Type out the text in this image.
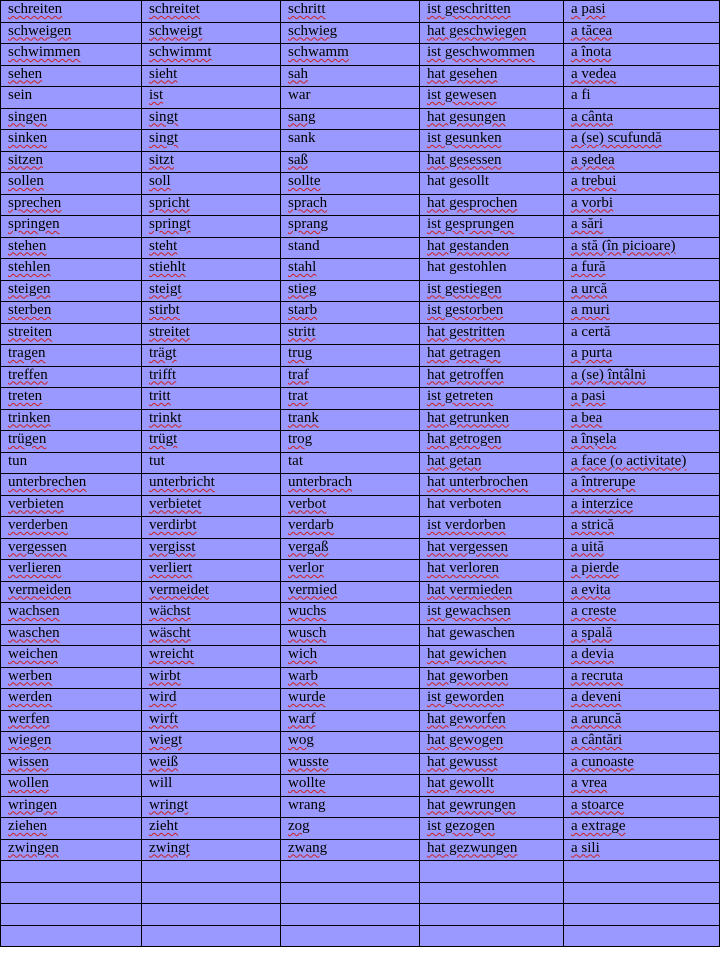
schreiten	schreitet	schritt	ist geschritten	a pasi
schweigen	schweigt	schwieg	hat geschwiegen	a tăcea
schwimmen	schwimmt	schwamm	ist geschwommen	a înota
sehen	sieht	sah	hat gesehen	a vedea
sein	ist	war	ist gewesen	a fi
singen	singt	sang	hat gesungen	a cânta
sinken	singt	sank	ist gesunken	a (se) scufundă
sitzen	sitzt	saß	hat gesessen	a ședea
sollen	soll	sollte	hat gesollt	a trebui
sprechen	spricht	sprach	hat gesprochen	a vorbi
springen	springt	sprang	ist gesprungen	a sări
stehen	steht	stand	hat gestanden	a stă (în picioare)
stehlen	stiehlt	stahl	hat gestohlen	a fură
steigen	steigt	stieg	ist gestiegen	a urcă
sterben	stirbt	starb	ist gestorben	a muri
streiten	streitet	stritt	hat gestritten	a certă
tragen	trägt	trug	hat getragen	a purta
treffen	trifft	traf	hat getroffen	a (se) întâlni
treten	tritt	trat	ist getreten	a pasi
trinken	trinkt	trank	hat getrunken	a bea
trügen	trügt	trog	hat getrogen	a înșela
tun	tut	tat	hat getan	a face (o activitate)
unterbrechen	unterbricht	unterbrach	hat unterbrochen	a întrerupe
verbieten	verbietet	verbot	hat verboten	a interzice
verderben	verdirbt	verdarb	ist verdorben	a strică
vergessen	vergisst	vergaß	hat vergessen	a uită
verlieren	verliert	verlor	hat verloren	a pierde
vermeiden	vermeidet	vermied	hat vermieden	a evita
wachsen	wächst	wuchs	ist gewachsen	a creste
waschen	wäscht	wusch	hat gewaschen	a spală
weichen	wreicht	wich	hat gewichen	a devia
werben	wirbt	warb	hat geworben	a recruta
werden	wird	wurde	ist geworden	a deveni
werfen	wirft	warf	hat geworfen	a aruncă
wiegen	wiegt	wog	hat gewogen	a cântări
wissen	weiß	wusste	hat gewusst	a cunoaste
wollen	will	wollte	hat gewollt	a vrea
wringen	wringt	wrang	hat gewrungen	a stoarce
ziehen	zieht	zog	ist gezogen	a extrage
zwingen	zwingt	zwang	hat gezwungen	a sili
